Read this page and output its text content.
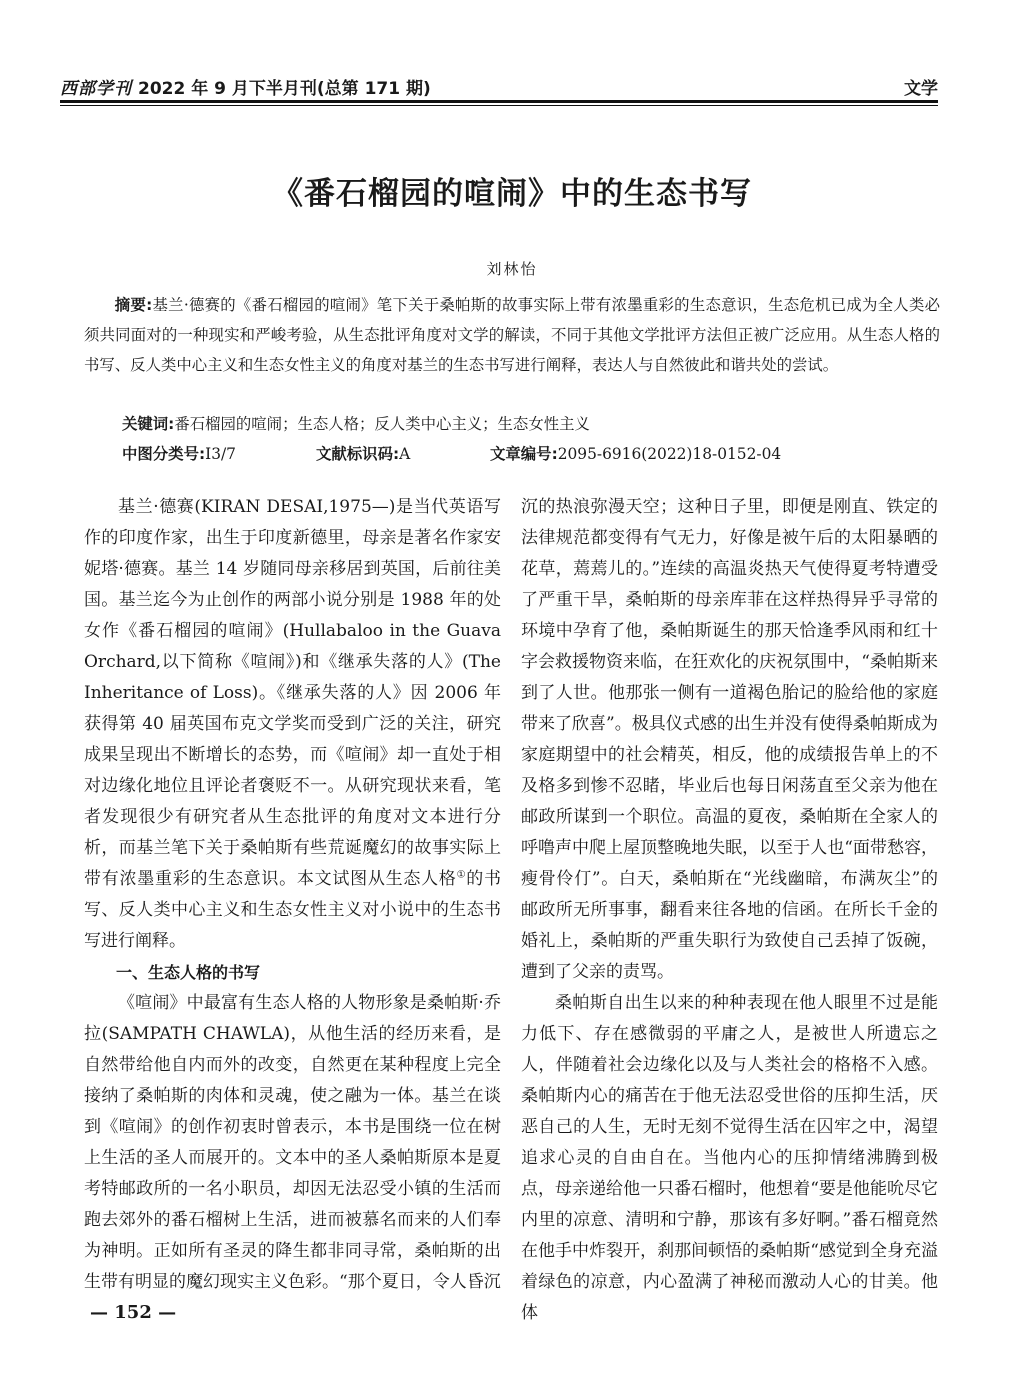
西部学刊 2022 年 9 月下半月刊(总第 171 期)	文学
《番石榴园的喧闹》中的生态书写
刘林怡

摘要:基兰·德赛的《番石榴园的喧闹》笔下关于桑帕斯的故事实际上带有浓墨重彩的生态意识，生态危机已成为全人类必须共同面对的一种现实和严峻考验，从生态批评角度对文学的解读，不同于其他文学批评方法但正被广泛应用。从生态人格的书写、反人类中心主义和生态女性主义的角度对基兰的生态书写进行阐释，表达人与自然彼此和谐共处的尝试。

关键词:番石榴园的喧闹；生态人格；反人类中心主义；生态女性主义
中图分类号:I3/7	文献标识码:A	文章编号:2095-6916(2022)18-0152-04

基兰·德赛(KIRAN DESAI,1975—)是当代英语写作的印度作家，出生于印度新德里，母亲是著名作家安妮塔·德赛。基兰 14 岁随同母亲移居到英国，后前往美国。基兰迄今为止创作的两部小说分别是 1988 年的处女作《番石榴园的喧闹》(Hullabaloo in the Guava Orchard,以下简称《喧闹》)和《继承失落的人》(The Inheritance of Loss)。《继承失落的人》因 2006 年获得第 40 届英国布克文学奖而受到广泛的关注，研究成果呈现出不断增长的态势，而《喧闹》却一直处于相对边缘化地位且评论者褒贬不一。从研究现状来看，笔者发现很少有研究者从生态批评的角度对文本进行分析，而基兰笔下关于桑帕斯有些荒诞魔幻的故事实际上带有浓墨重彩的生态意识。本文试图从生态人格①的书写、反人类中心主义和生态女性主义对小说中的生态书写进行阐释。

一、生态人格的书写

《喧闹》中最富有生态人格的人物形象是桑帕斯·乔拉(SAMPATH CHAWLA)，从他生活的经历来看，是自然带给他自内而外的改变，自然更在某种程度上完全接纳了桑帕斯的肉体和灵魂，使之融为一体。基兰在谈到《喧闹》的创作初衷时曾表示，本书是围绕一位在树上生活的圣人而展开的。文本中的圣人桑帕斯原本是夏考特邮政所的一名小职员，却因无法忍受小镇的生活而跑去郊外的番石榴树上生活，进而被慕名而来的人们奉为神明。正如所有圣灵的降生都非同寻常，桑帕斯的出生带有明显的魔幻现实主义色彩。“那个夏日，令人昏沉

沉的热浪弥漫天空；这种日子里，即便是刚直、铁定的法律规范都变得有气无力，好像是被午后的太阳暴晒的花草，蔫蔫儿的。”连续的高温炎热天气使得夏考特遭受了严重干旱，桑帕斯的母亲库菲在这样热得异乎寻常的环境中孕育了他，桑帕斯诞生的那天恰逢季风雨和红十字会救援物资来临，在狂欢化的庆祝氛围中，“桑帕斯来到了人世。他那张一侧有一道褐色胎记的脸给他的家庭带来了欣喜”。极具仪式感的出生并没有使得桑帕斯成为家庭期望中的社会精英，相反，他的成绩报告单上的不及格多到惨不忍睹，毕业后也每日闲荡直至父亲为他在邮政所谋到一个职位。高温的夏夜，桑帕斯在全家人的呼噜声中爬上屋顶整晚地失眠，以至于人也“面带愁容，瘦骨伶仃”。白天，桑帕斯在“光线幽暗，布满灰尘”的邮政所无所事事，翻看来往各地的信函。在所长千金的婚礼上，桑帕斯的严重失职行为致使自己丢掉了饭碗，遭到了父亲的责骂。

桑帕斯自出生以来的种种表现在他人眼里不过是能力低下、存在感微弱的平庸之人，是被世人所遗忘之人，伴随着社会边缘化以及与人类社会的格格不入感。桑帕斯内心的痛苦在于他无法忍受世俗的压抑生活，厌恶自己的人生，无时无刻不觉得生活在囚牢之中，渴望追求心灵的自由自在。当他内心的压抑情绪沸腾到极点，母亲递给他一只番石榴时，他想着“要是他能吮尽它内里的凉意、清明和宁静，那该有多好啊。”番石榴竟然在他手中炸裂开，刹那间顿悟的桑帕斯“感觉到全身充溢着绿色的凉意，内心盈满了神秘而激动人心的甘美。他体

— 152 —
